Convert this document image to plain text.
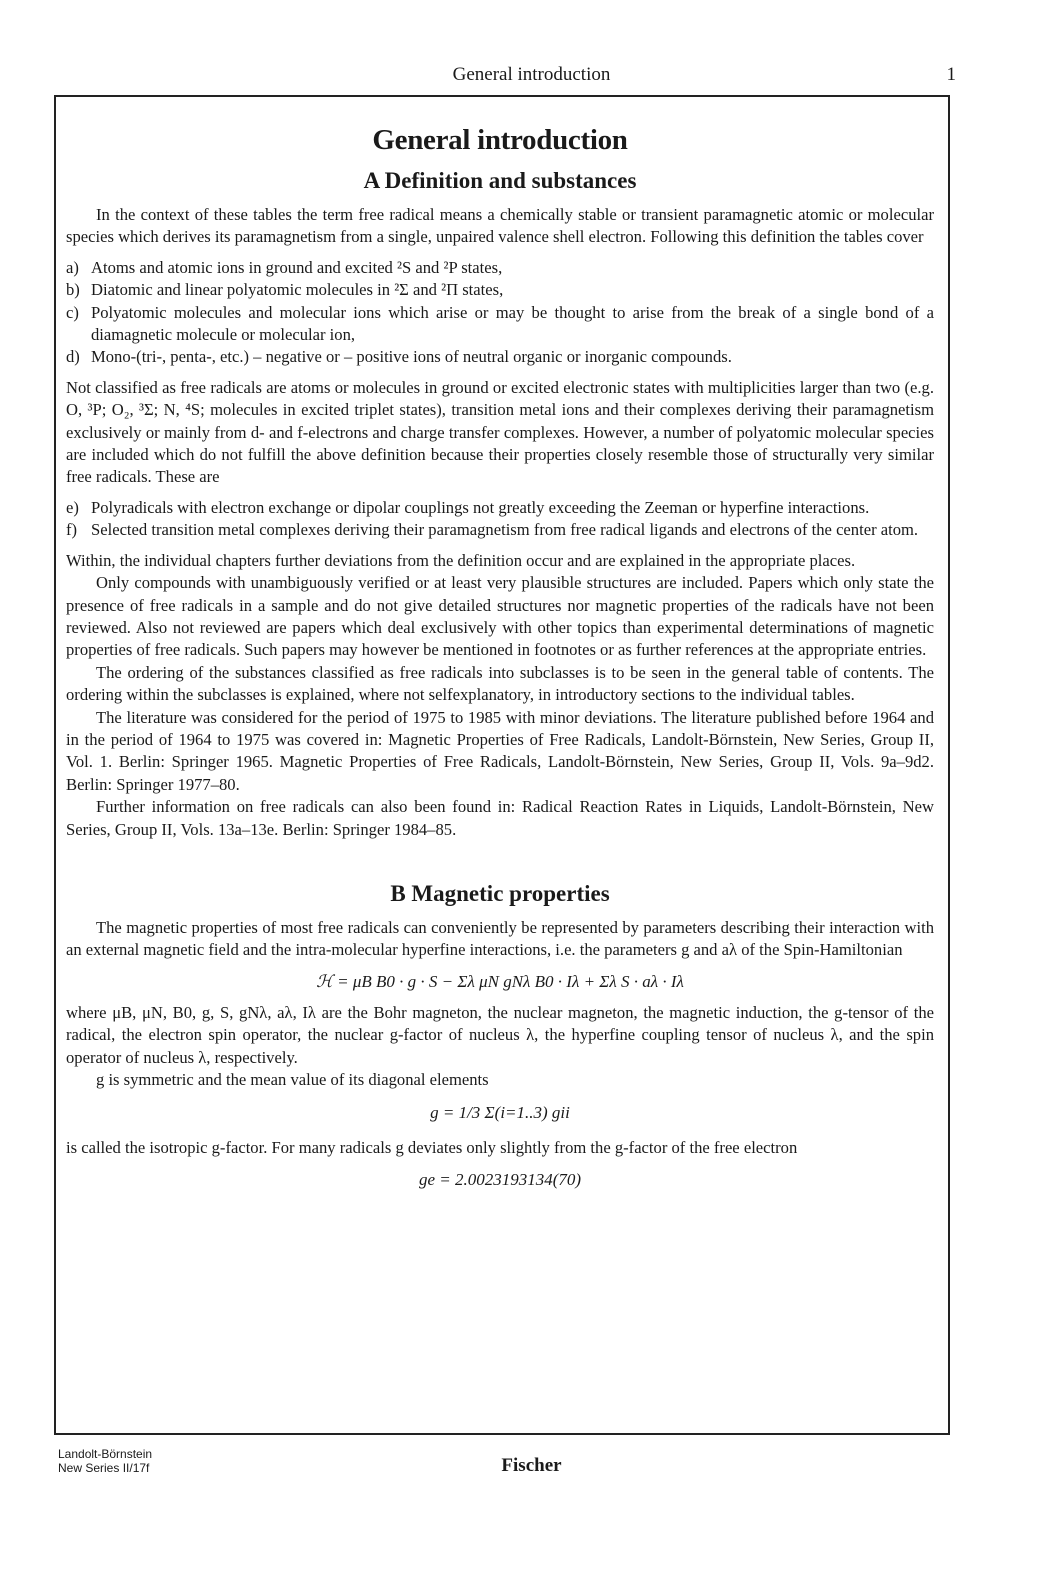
General introduction	1
General introduction
A Definition and substances

In the context of these tables the term free radical means a chemically stable or transient paramagnetic atomic or molecular species which derives its paramagnetism from a single, unpaired valence shell electron. Following this definition the tables cover

a) Atoms and atomic ions in ground and excited ²S and ²P states,
b) Diatomic and linear polyatomic molecules in ²Σ and ²Π states,
c) Polyatomic molecules and molecular ions which arise or may be thought to arise from the break of a single bond of a diamagnetic molecule or molecular ion,
d) Mono-(tri-, penta-, etc.) – negative or – positive ions of neutral organic or inorganic compounds.

Not classified as free radicals are atoms or molecules in ground or excited electronic states with multiplicities larger than two (e.g. O, ³P; O₂, ³Σ; N, ⁴S; molecules in excited triplet states), transition metal ions and their complexes deriving their paramagnetism exclusively or mainly from d- and f-electrons and charge transfer complexes. However, a number of polyatomic molecular species are included which do not fulfill the above definition because their properties closely resemble those of structurally very similar free radicals. These are

e) Polyradicals with electron exchange or dipolar couplings not greatly exceeding the Zeeman or hyperfine interactions.
f) Selected transition metal complexes deriving their paramagnetism from free radical ligands and electrons of the center atom.

Within, the individual chapters further deviations from the definition occur and are explained in the appropriate places.

Only compounds with unambiguously verified or at least very plausible structures are included. Papers which only state the presence of free radicals in a sample and do not give detailed structures nor magnetic properties of the radicals have not been reviewed. Also not reviewed are papers which deal exclusively with other topics than experimental determinations of magnetic properties of free radicals. Such papers may however be mentioned in footnotes or as further references at the appropriate entries.

The ordering of the substances classified as free radicals into subclasses is to be seen in the general table of contents. The ordering within the subclasses is explained, where not selfexplanatory, in introductory sections to the individual tables.

The literature was considered for the period of 1975 to 1985 with minor deviations. The literature published before 1964 and in the period of 1964 to 1975 was covered in: Magnetic Properties of Free Radicals, Landolt-Börnstein, New Series, Group II, Vol. 1. Berlin: Springer 1965. Magnetic Properties of Free Radicals, Landolt-Börnstein, New Series, Group II, Vols. 9a–9d2. Berlin: Springer 1977–80.

Further information on free radicals can also been found in: Radical Reaction Rates in Liquids, Landolt-Börnstein, New Series, Group II, Vols. 13a–13e. Berlin: Springer 1984–85.

B Magnetic properties

The magnetic properties of most free radicals can conveniently be represented by parameters describing their interaction with an external magnetic field and the intra-molecular hyperfine interactions, i.e. the parameters g and aλ of the Spin-Hamiltonian

ℋ = μB B0 · g · S − Σλ μN gNλ B0 · Iλ + Σλ S · aλ · Iλ

where μB, μN, B0, g, S, gNλ, aλ, Iλ are the Bohr magneton, the nuclear magneton, the magnetic induction, the g-tensor of the radical, the electron spin operator, the nuclear g-factor of nucleus λ, the hyperfine coupling tensor of nucleus λ, and the spin operator of nucleus λ, respectively.

g is symmetric and the mean value of its diagonal elements

g = 1/3 Σ(i=1..3) gii

is called the isotropic g-factor. For many radicals g deviates only slightly from the g-factor of the free electron

ge = 2.0023193134(70)
Landolt-Börnstein
New Series II/17f	Fischer
